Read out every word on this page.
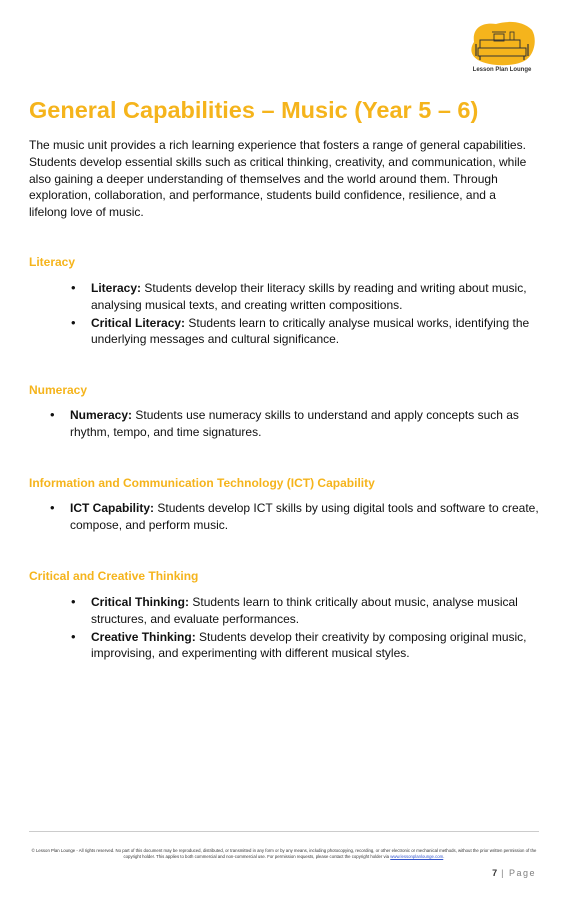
Lesson Plan Lounge
General Capabilities – Music (Year 5 – 6)

The music unit provides a rich learning experience that fosters a range of general capabilities. Students develop essential skills such as critical thinking, creativity, and communication, while also gaining a deeper understanding of themselves and the world around them. Through exploration, collaboration, and performance, students build confidence, resilience, and a lifelong love of music.

Literacy
• Literacy: Students develop their literacy skills by reading and writing about music, analysing musical texts, and creating written compositions.
• Critical Literacy: Students learn to critically analyse musical works, identifying the underlying messages and cultural significance.
Numeracy
• Numeracy: Students use numeracy skills to understand and apply concepts such as rhythm, tempo, and time signatures.
Information and Communication Technology (ICT) Capability
• ICT Capability: Students develop ICT skills by using digital tools and software to create, compose, and perform music.
Critical and Creative Thinking
• Critical Thinking: Students learn to think critically about music, analyse musical structures, and evaluate performances.
• Creative Thinking: Students develop their creativity by composing original music, improvising, and experimenting with different musical styles.
© Lesson Plan Lounge - All rights reserved. No part of this document may be reproduced, distributed, or transmitted in any form or by any means, including photocopying, recording, or other electronic or mechanical methods, without the prior written permission of the copyright holder. This applies to both commercial and non-commercial use. For permission requests, please contact the copyright holder via www.lessonplanlounge.com.
7 | Page
